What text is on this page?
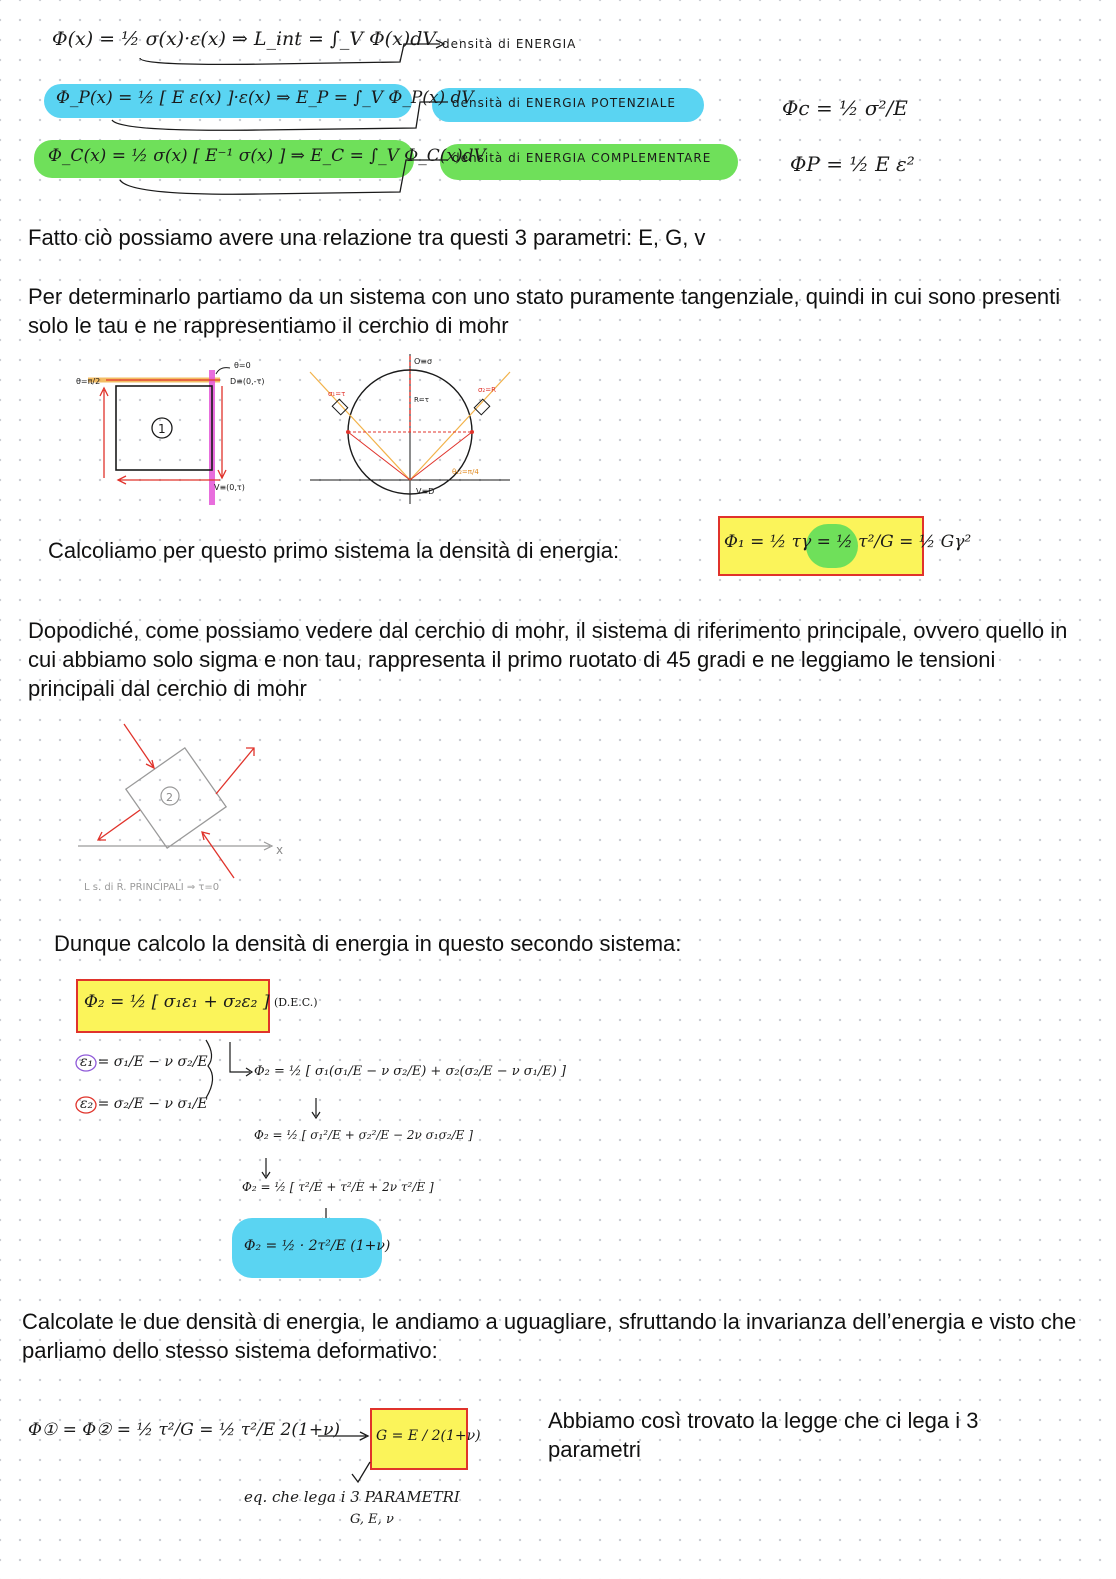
Φ(x) = ½ σ(x)·ε(x) ⇒ L_int = ∫_V Φ(x)dV
Φ_P(x) = ½ [ E ε(x) ]·ε(x) ⇒ E_P = ∫_V Φ_P(x) dV
Φ_C(x) = ½ σ(x) [ E⁻¹ σ(x) ] ⇒ E_C = ∫_V Φ_C(x)dV
densità di ENERGIA
densità di ENERGIA POTENZIALE
densità di ENERGIA COMPLEMENTARE
Φc = ½ σ²/E
ΦP = ½ E ε²

Fatto ciò possiamo avere una relazione tra questi 3 parametri: E, G, v

Per determinarlo partiamo da un sistema con uno stato puramente tangenziale, quindi in cui sono presenti solo le tau e ne rappresentiamo il cerchio di mohr

1
θ=0
D≡(0,-τ)
θ=π/2
V≡(0,τ)
O≡σ
R=τ
σ₁=τ	σ₂=R
V≡D
θ₁₂=π/4

Calcoliamo per questo primo sistema la densità di energia:	Φ₁ = ½ τγ = ½ τ²/G = ½ Gγ²

Dopodiché, come possiamo vedere dal cerchio di mohr, il sistema di riferimento principale, ovvero quello in cui abbiamo solo sigma e non tau, rappresenta il primo ruotato di 45 gradi e ne leggiamo le tensioni principali dal cerchio di mohr

x
2
L s. di R. PRINCIPALI ⇒ τ=0

Dunque calcolo la densità di energia in questo secondo sistema:

Φ₂ = ½ [ σ₁ε₁ + σ₂ε₂ ] (D.E.C.)
ε₁ = σ₁/E − ν σ₂/E
ε₂ = σ₂/E − ν σ₁/E
Φ₂ = ½ [ σ₁(σ₁/E − ν σ₂/E) + σ₂(σ₂/E − ν σ₁/E) ]
Φ₂ = ½ [ σ₁²/E + σ₂²/E − 2ν σ₁σ₂/E ]
Φ₂ = ½ [ τ²/E + τ²/E + 2ν τ²/E ]
Φ₂ = ½ · 2τ²/E (1+ν)

Calcolate le due densità di energia, le andiamo a uguagliare, sfruttando la invarianza dell’energia e visto che parliamo dello stesso sistema deformativo:

Φ① = Φ② = ½ τ²/G = ½ τ²/E 2(1+ν)	G = E / 2(1+ν)
eq. che lega i 3 PARAMETRI
G, E, ν

Abbiamo così trovato la legge che ci lega i 3 parametri
